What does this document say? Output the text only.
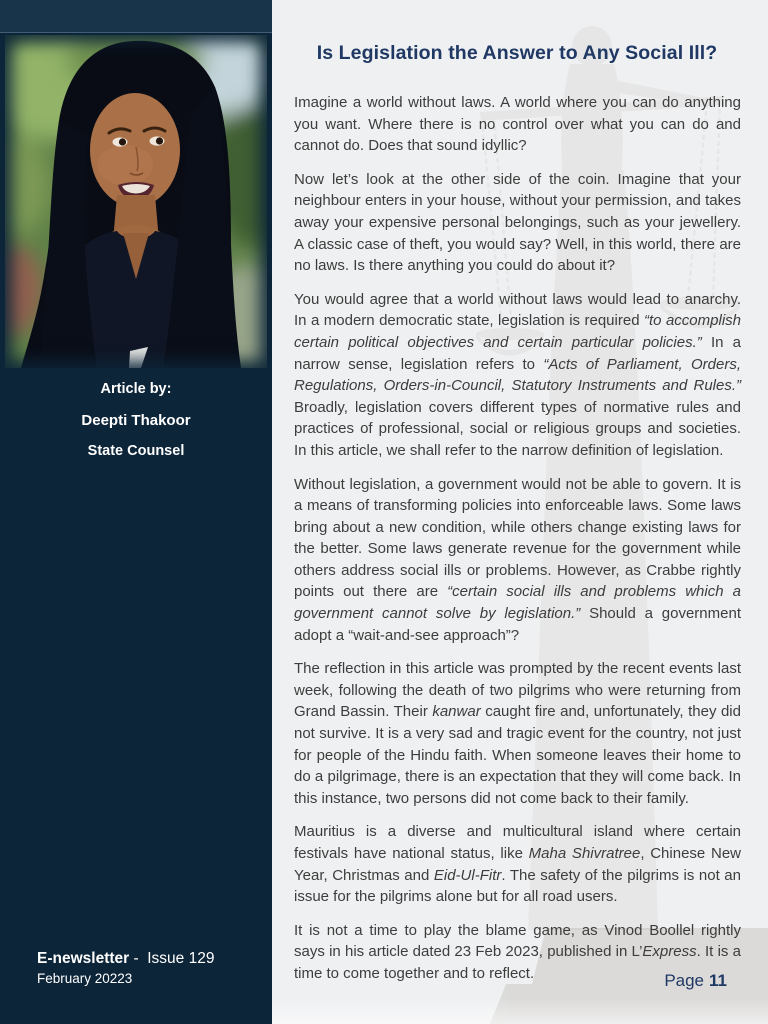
Article by:
Deepti Thakoor
State Counsel
E-newsletter -  Issue 129
February 20223
Is Legislation the Answer to Any Social Ill?

Imagine a world without laws. A world where you can do anything you want. Where there is no control over what you can do and cannot do. Does that sound idyllic?

Now let’s look at the other side of the coin. Imagine that your neighbour enters in your house, without your permission, and takes away your expensive personal belongings, such as your jewellery. A classic case of theft, you would say? Well, in this world, there are no laws. Is there anything you could do about it?

You would agree that a world without laws would lead to anarchy. In a modern democratic state, legislation is required “to accomplish certain political objectives and certain particular policies.” In a narrow sense, legislation refers to “Acts of Parliament, Orders, Regulations, Orders-in-Council, Statutory Instruments and Rules.” Broadly, legislation covers different types of normative rules and practices of professional, social or religious groups and societies. In this article, we shall refer to the narrow definition of legislation.

Without legislation, a government would not be able to govern. It is a means of transforming policies into enforceable laws. Some laws bring about a new condition, while others change existing laws for the better. Some laws generate revenue for the government while others address social ills or problems. However, as Crabbe rightly points out there are “certain social ills and problems which a government cannot solve by legislation.” Should a government adopt a “wait-and-see approach”?

The reflection in this article was prompted by the recent events last week, following the death of two pilgrims who were returning from Grand Bassin. Their kanwar caught fire and, unfortunately, they did not survive. It is a very sad and tragic event for the country, not just for people of the Hindu faith. When someone leaves their home to do a pilgrimage, there is an expectation that they will come back. In this instance, two persons did not come back to their family.

Mauritius is a diverse and multicultural island where certain festivals have national status, like Maha Shivratree, Chinese New Year, Christmas and Eid-Ul-Fitr. The safety of the pilgrims is not an issue for the pilgrims alone but for all road users.

It is not a time to play the blame game, as Vinod Boollel rightly says in his article dated 23 Feb 2023, published in L’Express. It is a time to come together and to reflect.	Page 11
